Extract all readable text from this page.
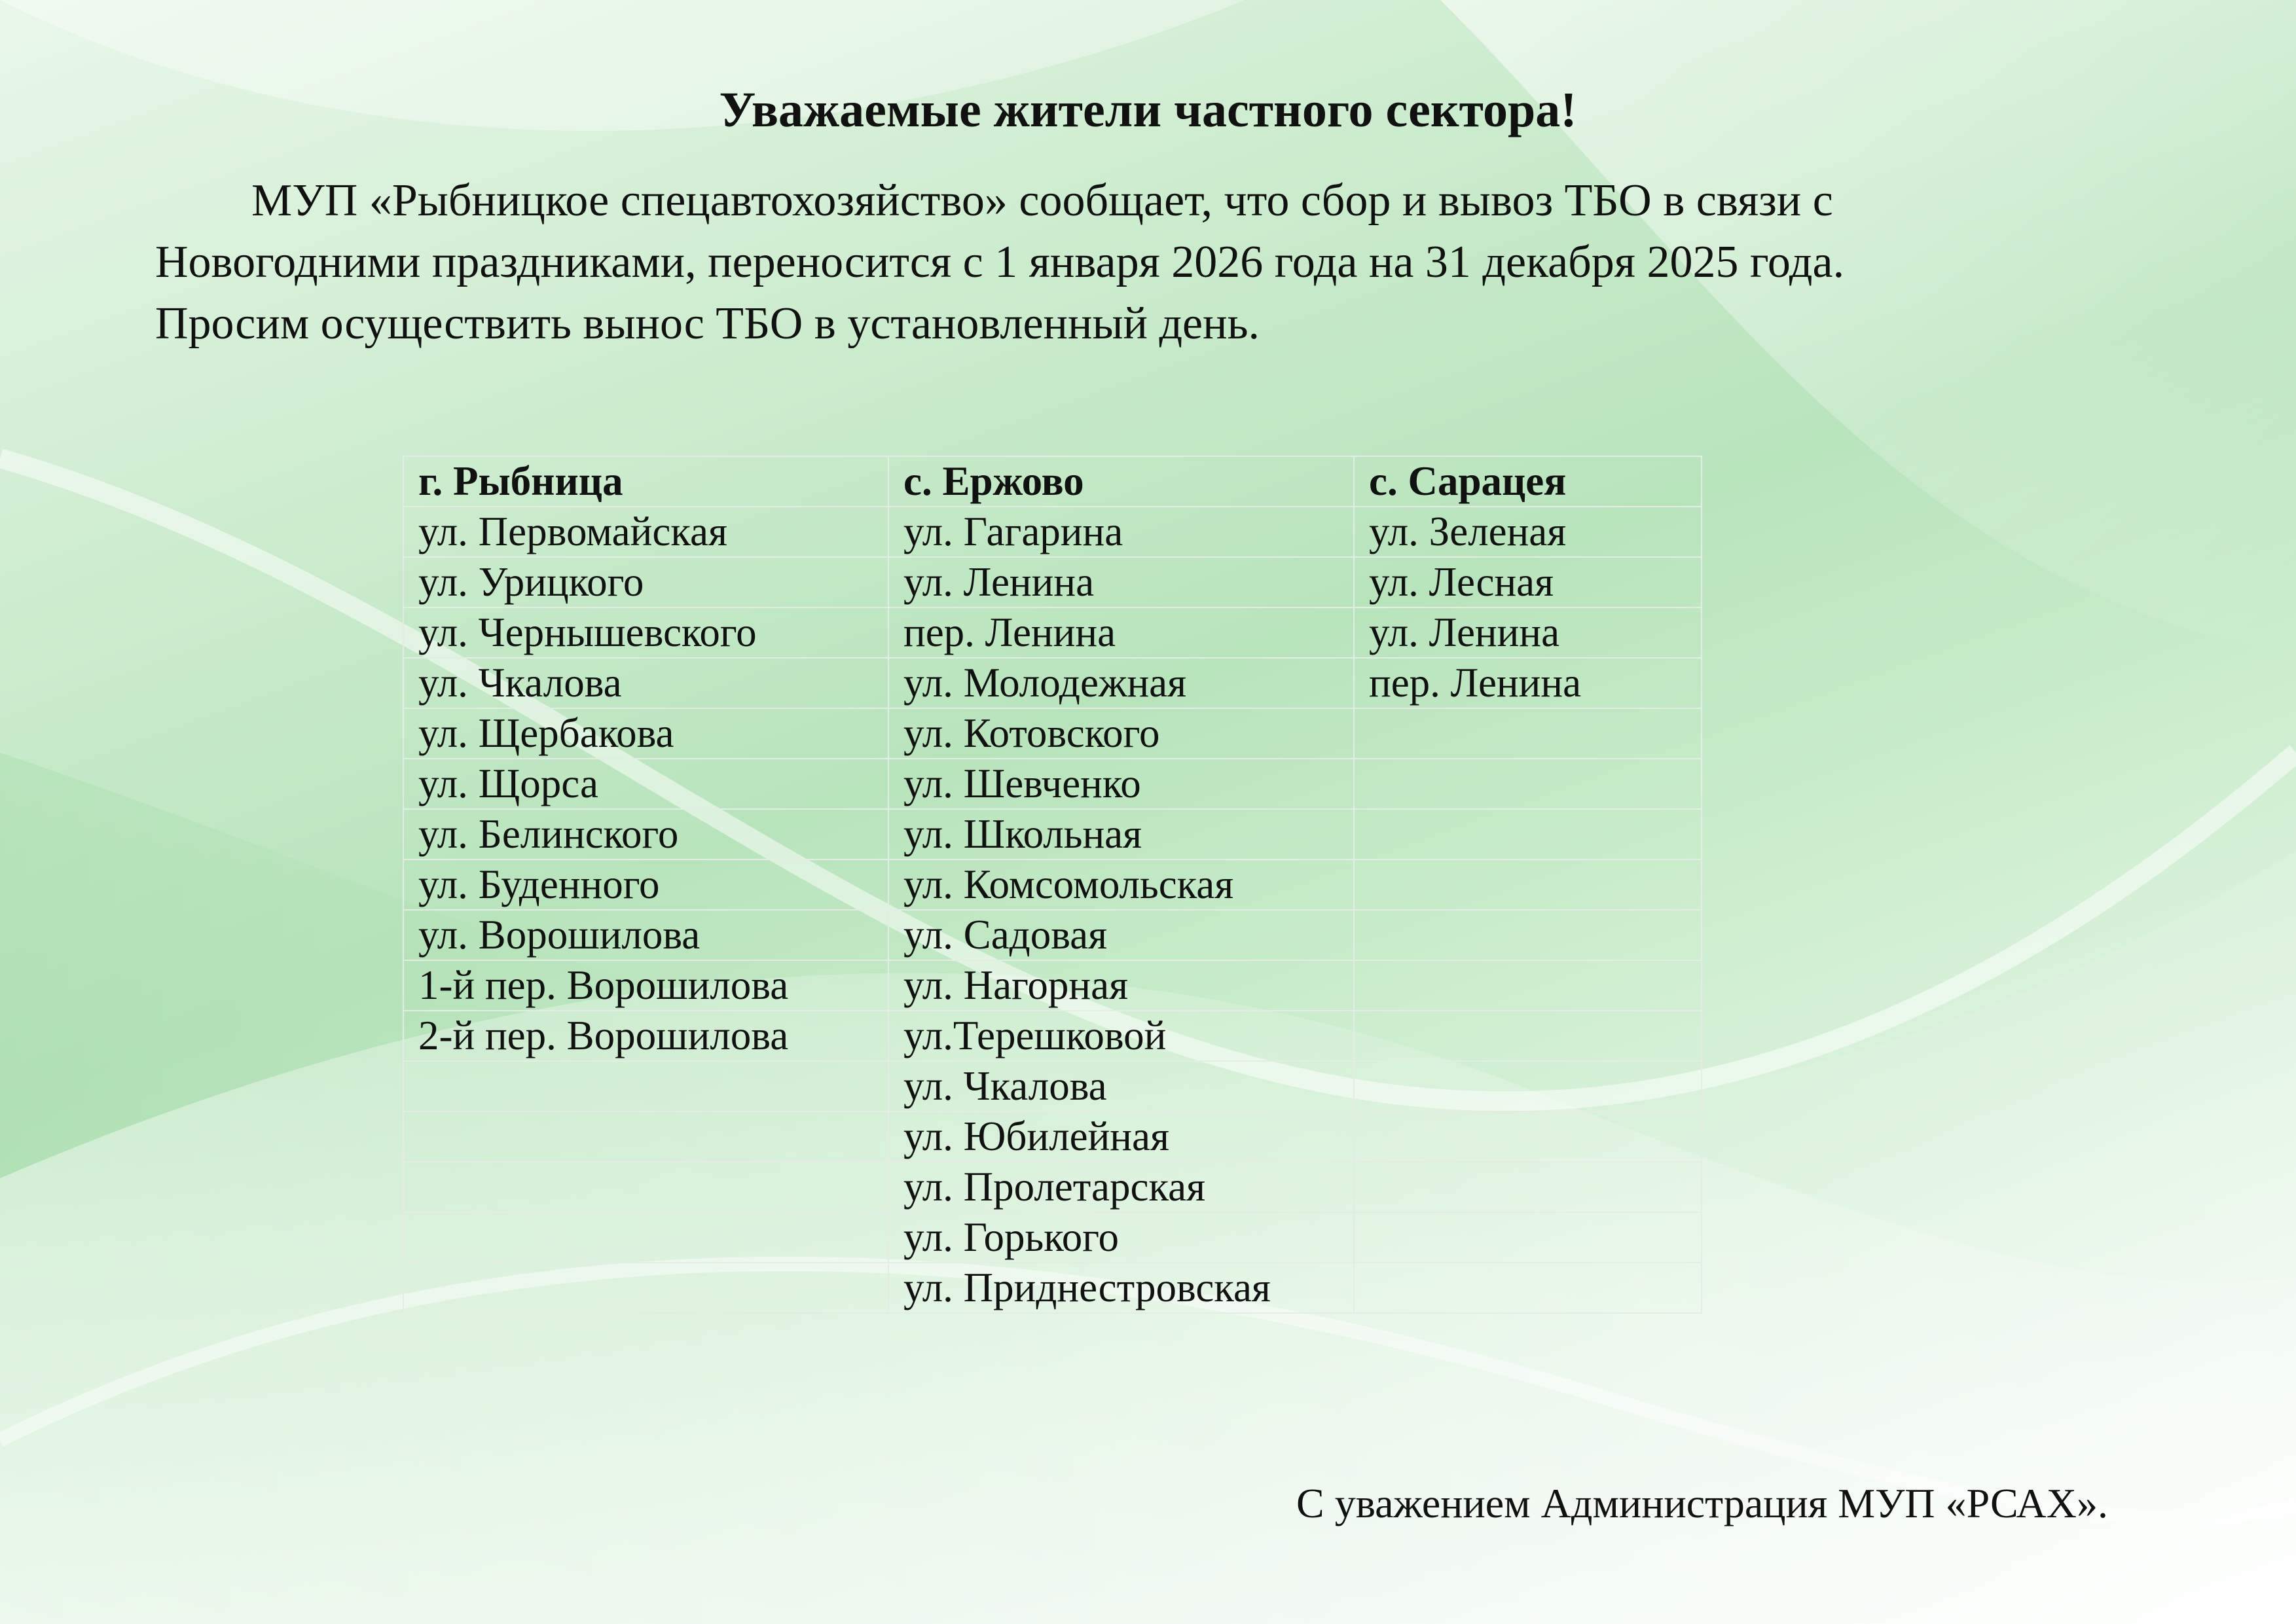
Уважаемые жители частного сектора!

МУП «Рыбницкое спецавтохозяйство» сообщает, что сбор и вывоз ТБО в связи с

Новогодними праздниками, переносится с 1 января 2026 года на 31 декабря 2025 года.

Просим осуществить вынос ТБО в установленный день.

г. Рыбница	с. Ержово	с. Сарацея
ул. Первомайская	ул. Гагарина	ул. Зеленая
ул. Урицкого	ул. Ленина	ул. Лесная
ул. Чернышевского	пер. Ленина	ул. Ленина
ул. Чкалова	ул. Молодежная	пер. Ленина
ул. Щербакова	ул. Котовского	
ул. Щорса	ул. Шевченко	
ул. Белинского	ул. Школьная	
ул. Буденного	ул. Комсомольская	
ул. Ворошилова	ул. Садовая	
1-й пер. Ворошилова	ул. Нагорная	
2-й пер. Ворошилова	ул.Терешковой	
	ул. Чкалова	
	ул. Юбилейная	
	ул. Пролетарская	
	ул. Горького	
	ул. Приднестровская	
С уважением Администрация МУП «РСАХ».
